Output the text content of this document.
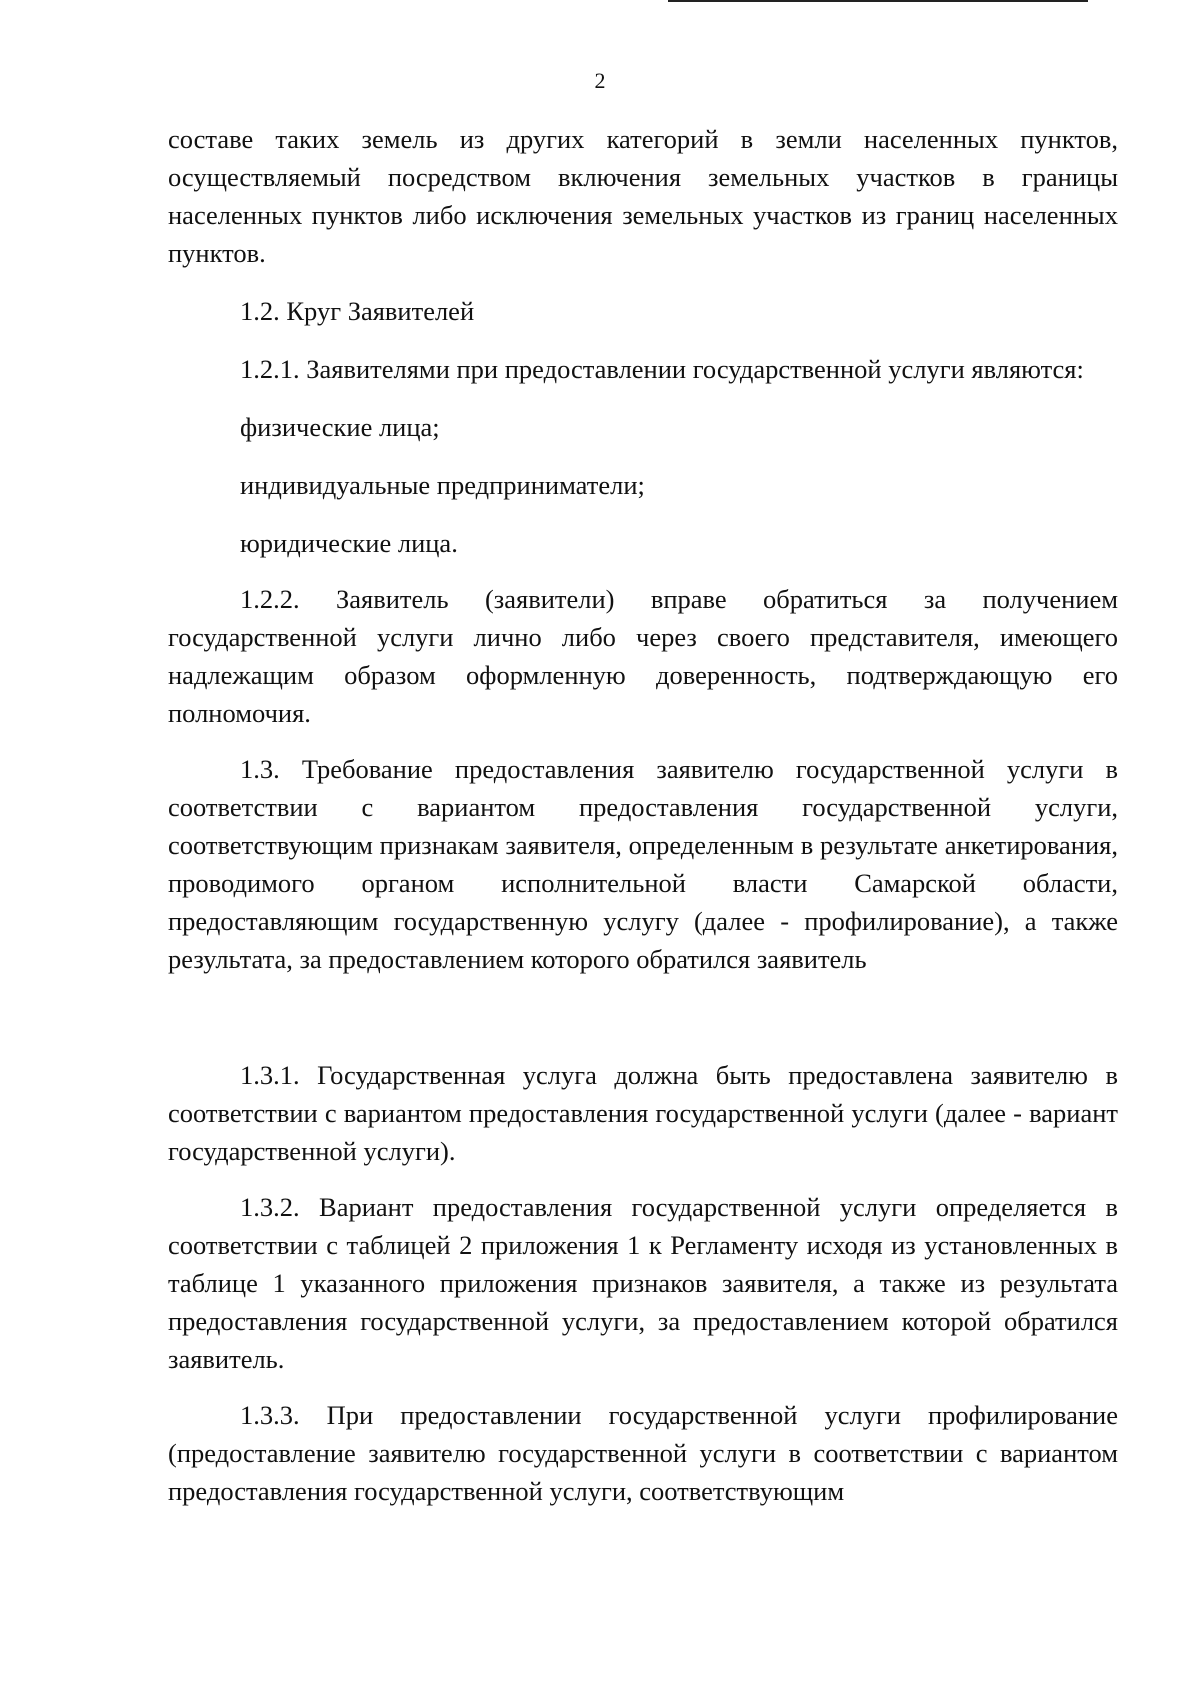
2

составе таких земель из других категорий в земли населенных пунктов, осуществляемый посредством включения земельных участков в границы населенных пунктов либо исключения земельных участков из границ населенных пунктов.

1.2. Круг Заявителей

1.2.1. Заявителями при предоставлении государственной услуги являются:

физические лица;

индивидуальные предприниматели;

юридические лица.

1.2.2. Заявитель (заявители) вправе обратиться за получением государственной услуги лично либо через своего представителя, имеющего надлежащим образом оформленную доверенность, подтверждающую его полномочия.

1.3. Требование предоставления заявителю государственной услуги в соответствии с вариантом предоставления государственной услуги, соответствующим признакам заявителя, определенным в результате анкетирования, проводимого органом исполнительной власти Самарской области, предоставляющим государственную услугу (далее - профилирование), а также результата, за предоставлением которого обратился заявитель

1.3.1. Государственная услуга должна быть предоставлена заявителю в соответствии с вариантом предоставления государственной услуги (далее - вариант государственной услуги).

1.3.2. Вариант предоставления государственной услуги определяется в соответствии с таблицей 2 приложения 1 к Регламенту исходя из установленных в таблице 1 указанного приложения признаков заявителя, а также из результата предоставления государственной услуги, за предоставлением которой обратился заявитель.

1.3.3. При предоставлении государственной услуги профилирование (предоставление заявителю государственной услуги в соответствии с вариантом предоставления государственной услуги, соответствующим
